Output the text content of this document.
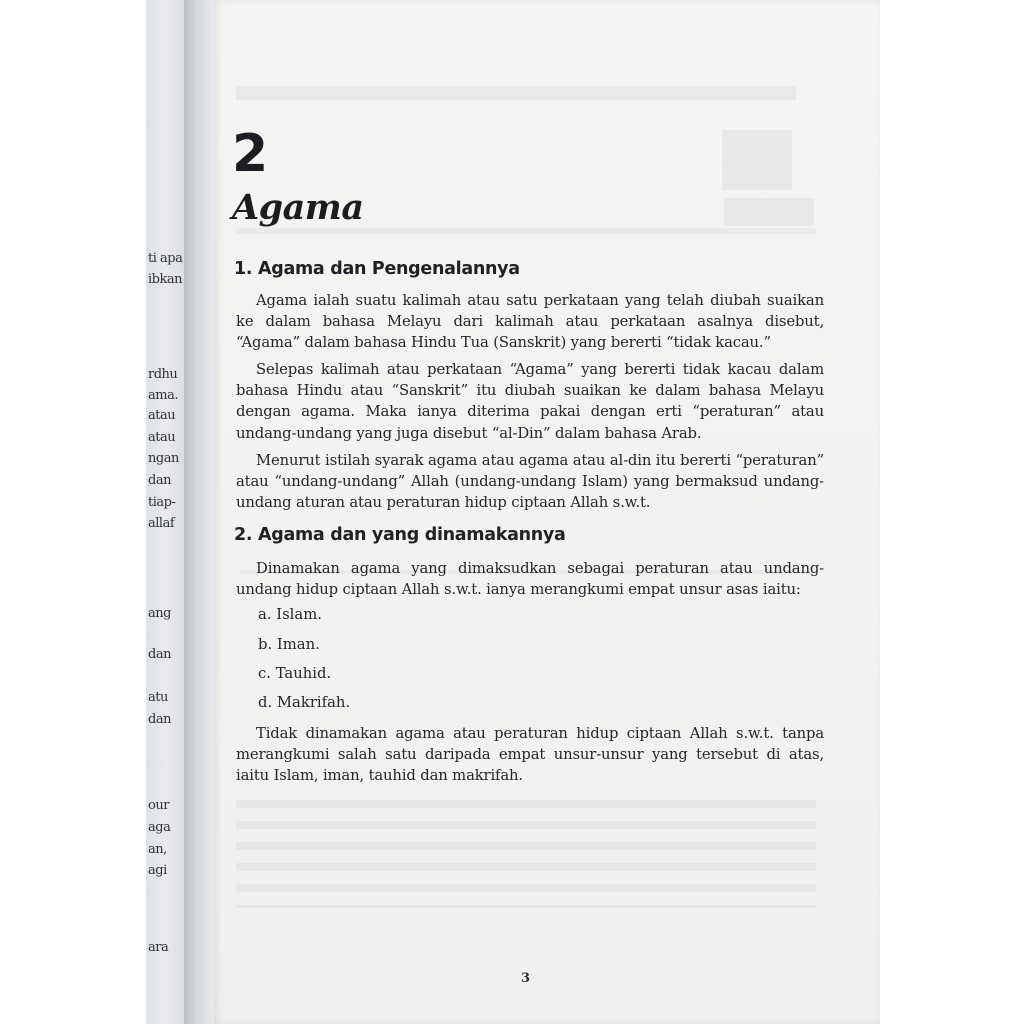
ti apa
ibkan
rdhu
ama.
atau
atau
ngan
dan
tiap-
allaf
ang
dan
atu
dan
our
aga
an,
agi
ara
2
Agama
1. Agama dan Pengenalannya

Agama ialah suatu kalimah atau satu perkataan yang telah diubah suaikan ke dalam bahasa Melayu dari kalimah atau perkataan asalnya disebut, “Agama” dalam bahasa Hindu Tua (Sanskrit) yang bererti “tidak kacau.”

Selepas kalimah atau perkataan “Agama” yang bererti tidak kacau dalam bahasa Hindu atau “Sanskrit” itu diubah suaikan ke dalam bahasa Melayu dengan agama. Maka ianya diterima pakai dengan erti “peraturan” atau undang-undang yang juga disebut “al-Din” dalam bahasa Arab.

Menurut istilah syarak agama atau agama atau al-din itu bererti “peraturan” atau “undang-undang” Allah (undang-undang Islam) yang bermaksud undang-undang aturan atau peraturan hidup ciptaan Allah s.w.t.

2. Agama dan yang dinamakannya

Dinamakan agama yang dimaksudkan sebagai peraturan atau undang-undang hidup ciptaan Allah s.w.t. ianya merangkumi empat unsur asas iaitu:

a. Islam.
b. Iman.
c. Tauhid.
d. Makrifah.

Tidak dinamakan agama atau peraturan hidup ciptaan Allah s.w.t. tanpa merangkumi salah satu daripada empat unsur-unsur yang tersebut di atas, iaitu Islam, iman, tauhid dan makrifah.

3
